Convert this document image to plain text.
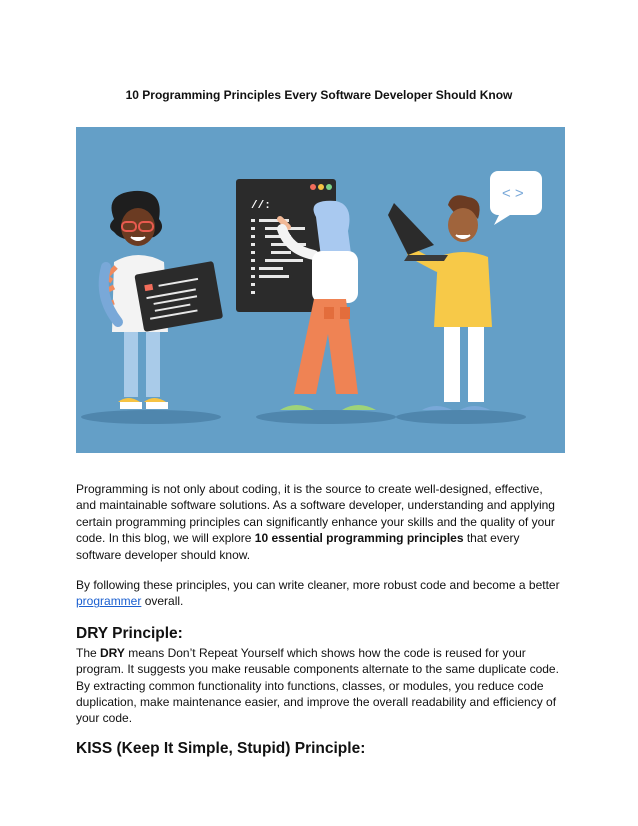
10 Programming Principles Every Software Developer Should Know
//:
< >

Programming is not only about coding, it is the source to create well-designed, effective, and maintainable software solutions. As a software developer, understanding and applying certain programming principles can significantly enhance your skills and the quality of your code. In this blog, we will explore 10 essential programming principles that every software developer should know.

By following these principles, you can write cleaner, more robust code and become a better programmer overall.

DRY Principle:

The DRY means Don’t Repeat Yourself which shows how the code is reused for your program. It suggests you make reusable components alternate to the same duplicate code. By extracting common functionality into functions, classes, or modules, you reduce code duplication, make maintenance easier, and improve the overall readability and efficiency of your code.

KISS (Keep It Simple, Stupid) Principle:
